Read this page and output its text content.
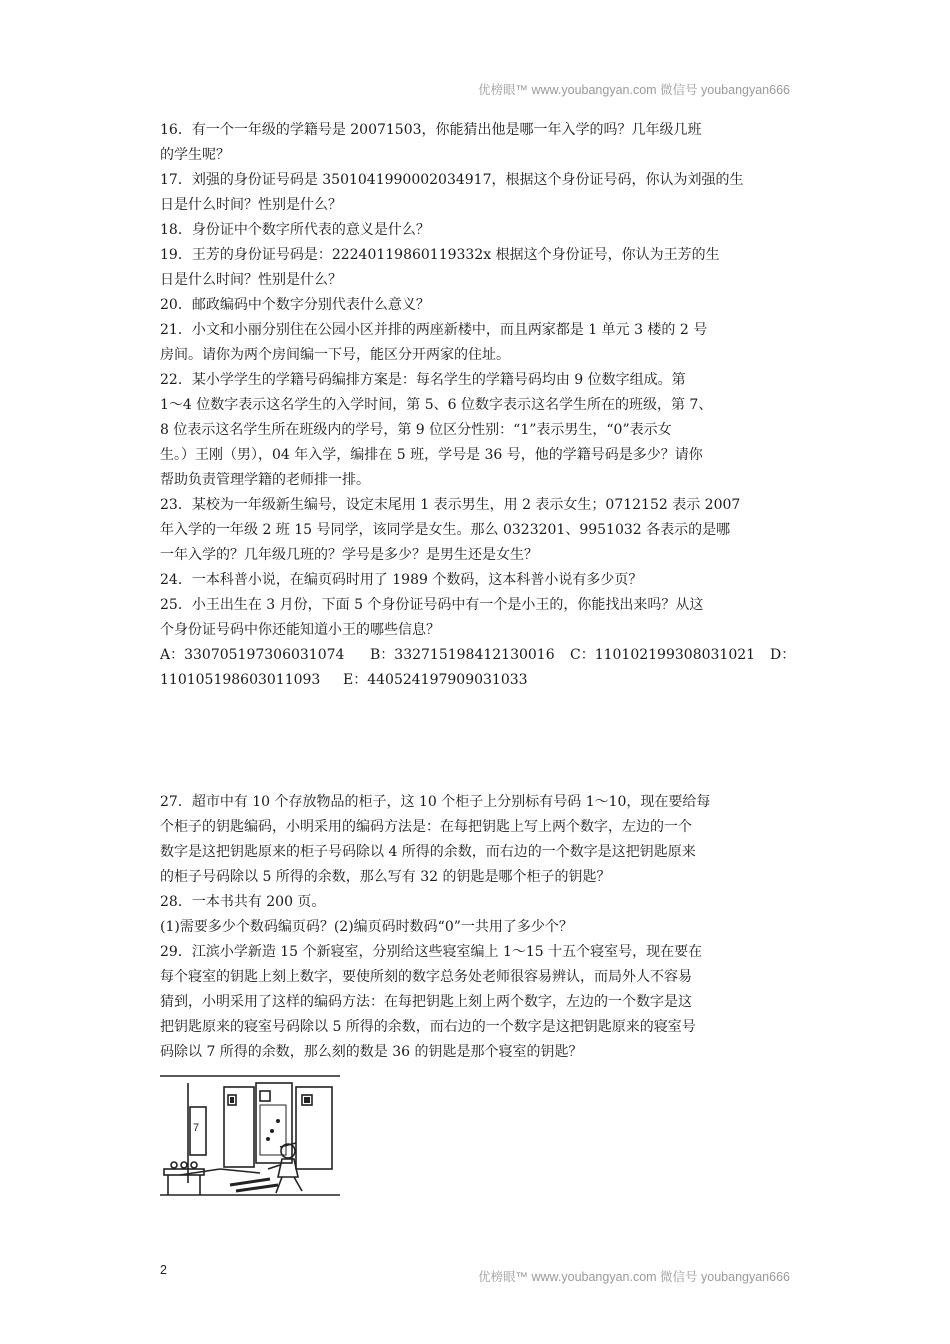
优榜眼™ www.youbangyan.com 微信号 youbangyan666
16．有一个一年级的学籍号是 20071503，你能猜出他是哪一年入学的吗？几年级几班
的学生呢？
17．刘强的身份证号码是 3501041990002034917，根据这个身份证号码，你认为刘强的生
日是什么时间？性别是什么？
18．身份证中个数字所代表的意义是什么？
19．王芳的身份证号码是：22240119860119332x 根据这个身份证号，你认为王芳的生
日是什么时间？性别是什么？
20．邮政编码中个数字分别代表什么意义？
21．小文和小丽分别住在公园小区并排的两座新楼中，而且两家都是 1 单元 3 楼的 2 号
房间。请你为两个房间编一下号，能区分开两家的住址。
22．某小学学生的学籍号码编排方案是：每名学生的学籍号码均由 9 位数字组成。第
1～4 位数字表示这名学生的入学时间，第 5、6 位数字表示这名学生所在的班级，第 7、
8 位表示这名学生所在班级内的学号，第 9 位区分性别：“1”表示男生，“0”表示女
生。）王刚（男），04 年入学，编排在 5 班，学号是 36 号，他的学籍号码是多少？请你
帮助负责管理学籍的老师排一排。
23．某校为一年级新生编号，设定末尾用 1 表示男生，用 2 表示女生；0712152 表示 2007
年入学的一年级 2 班 15 号同学，该同学是女生。那么 0323201、9951032 各表示的是哪
一年入学的？几年级几班的？学号是多少？是男生还是女生？
24．一本科普小说，在编页码时用了 1989 个数码，这本科普小说有多少页？
25．小王出生在 3 月份，下面 5 个身份证号码中有一个是小王的，你能找出来吗？从这
个身份证号码中你还能知道小王的哪些信息？
A：330705197306031074 B：332715198412130016 C：110102199308031021 D：
110105198603011093 E：440524197909031033
27．超市中有 10 个存放物品的柜子，这 10 个柜子上分别标有号码 1～10，现在要给每
个柜子的钥匙编码，小明采用的编码方法是：在每把钥匙上写上两个数字，左边的一个
数字是这把钥匙原来的柜子号码除以 4 所得的余数，而右边的一个数字是这把钥匙原来
的柜子号码除以 5 所得的余数，那么写有 32 的钥匙是哪个柜子的钥匙？
28．一本书共有 200 页。
(1)需要多少个数码编页码？(2)编页码时数码“0”一共用了多少个？
29．江滨小学新造 15 个新寝室，分别给这些寝室编上 1～15 十五个寝室号，现在要在
每个寝室的钥匙上刻上数字，要使所刻的数字总务处老师很容易辨认，而局外人不容易
猜到，小明采用了这样的编码方法：在每把钥匙上刻上两个数字，左边的一个数字是这
把钥匙原来的寝室号码除以 5 所得的余数，而右边的一个数字是这把钥匙原来的寝室号
码除以 7 所得的余数，那么刻的数是 36 的钥匙是那个寝室的钥匙？
7
2	优榜眼™ www.youbangyan.com 微信号 youbangyan666
